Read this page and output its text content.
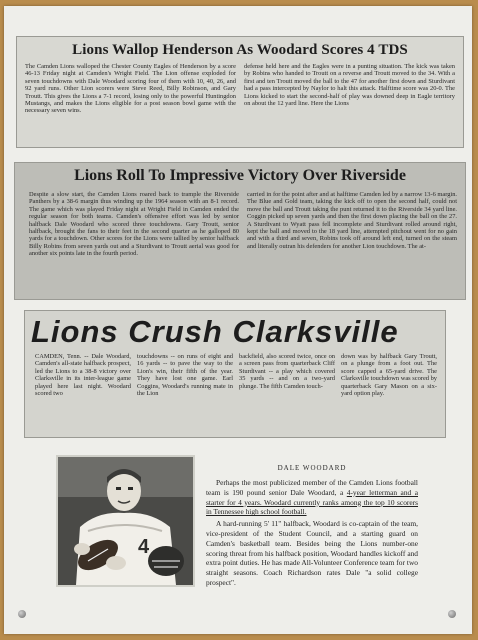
Lions Wallop Henderson As Woodard Scores 4 TDS

The Camden Lions walloped the Chester County Eagles of Henderson by a score 46-13 Friday night at Camden's Wright Field. The Lion offense exploded for seven touchdowns with Dale Woodard scoring four of them with 10, 40, 26, and 92 yard runs. Other Lion scorers were Steve Reed, Billy Robinson, and Gary Troutt. This gives the Lions a 7-1 record, losing only to the powerful Huntingdon Mustangs, and makes the Lions eligible for a post season bowl game with the necessary seven wins.

defense held here and the Eagles were in a punting situation. The kick was taken by Robins who handed to Troutt on a reverse and Troutt moved to the 34. With a first and ten Troutt moved the ball to the 47 for another first down and Sturdivant had a pass intercepted by Naylor to halt this attack. Halftime score was 20-0. The Lions kicked to start the second-half of play was downed deep in Eagle territory on about the 12 yard line. Here the Lions

Lions Roll To Impressive Victory Over Riverside

Despite a slow start, the Camden Lions roared back to trample the Riverside Panthers by a 38-6 margin thus winding up the 1964 season with an 8-1 record. The game which was played Friday night at Wright Field in Camden ended the regular season for both teams. Camden's offensive effort was led by senior halfback Dale Woodard who scored three touchdowns. Gary Troutt, senior halfback, brought the fans to their feet in the second quarter as he galloped 80 yards for a touchdown. Other scores for the Lions were tallied by senior halfback Billy Robins from seven yards out and a Sturdivant to Troutt aerial was good for another six points late in the fourth period.

carried in for the point after and at halftime Camden led by a narrow 13-6 margin. The Blue and Gold team, taking the kick off to open the second half, could not move the ball and Troutt taking the punt returned it to the Riverside 34 yard line. Coggin picked up seven yards and then the first down placing the ball on the 27. A Sturdivant to Wyatt pass fell incomplete and Sturdivant rolled around right, kept the ball and moved to the 18 yard line, attempted pitchout went for no gain and with a third and seven, Robins took off around left end, turned on the steam and literally outran his defenders for another Lion touchdown. The at-

Lions Crush Clarksville

CAMDEN, Tenn. -- Dale Woodard, Camden's all-state halfback prospect, led the Lions to a 38-8 victory over Clarksville in its inter-league game played here last night. Woodard scored two

touchdowns -- on runs of eight and 16 yards -- to pave the way to the Lion's win, their fifth of the year. They have lost one game. Earl Coggins, Woodard's running mate in the Lion

backfield, also scored twice, once on a screen pass from quarterback Cliff Sturdivant -- a play which covered 35 yards -- and on a two-yard plunge. The fifth Camden touch-

down was by halfback Gary Troutt, on a plunge from a foot out. The score capped a 65-yard drive. The Clarksville touchdown was scored by quarterback Gary Mason on a six-yard option play.

4
DALE WOODARD

Perhaps the most publicized member of the Camden Lions football team is 190 pound senior Dale Woodard, a 4-year letterman and a starter for 4 years. Woodard currently ranks among the top 10 scorers in Tennessee high school football.

A hard-running 5' 11" halfback, Woodard is co-captain of the team, vice-president of the Student Council, and a starting guard on Camden's basketball team. Besides being the Lions number-one scoring threat from his halfback position, Woodard handles kickoff and extra point duties. He has made All-Volunteer Conference team for two straight seasons. Coach Richardson rates Dale "a solid college prospect".
